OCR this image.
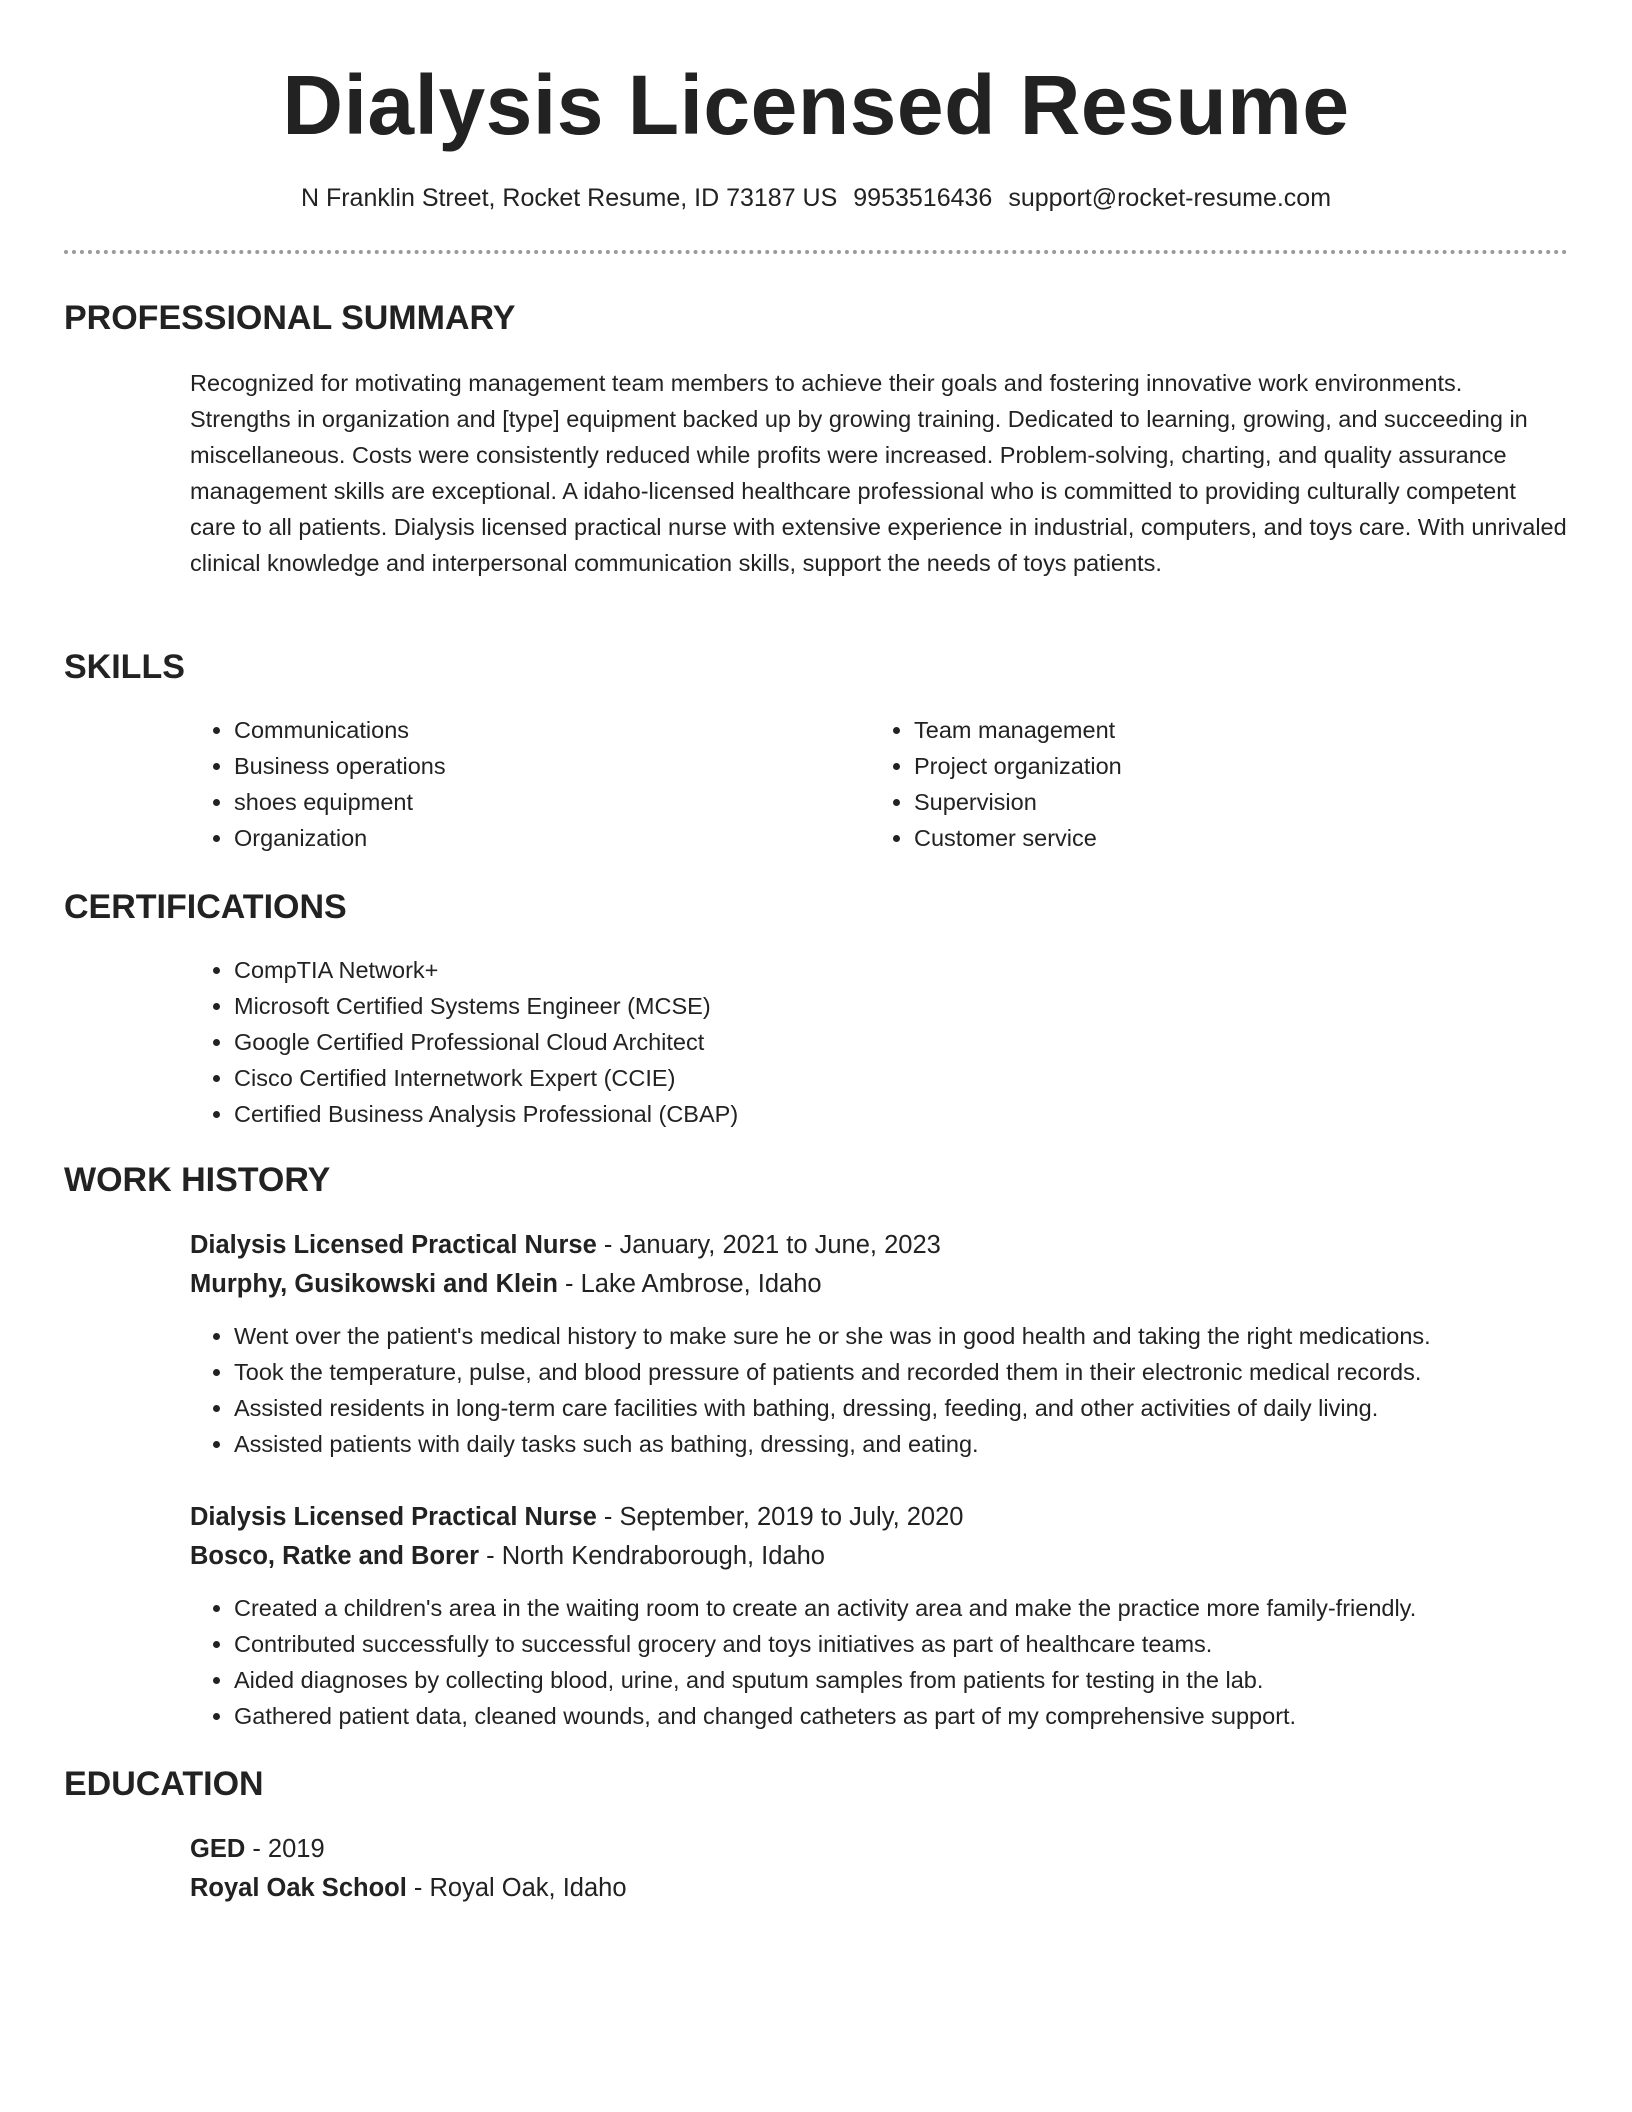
Dialysis Licensed Resume
N Franklin Street, Rocket Resume, ID 73187 US 9953516436 support@rocket-resume.com
PROFESSIONAL SUMMARY

Recognized for motivating management team members to achieve their goals and fostering innovative work environments. Strengths in organization and [type] equipment backed up by growing training. Dedicated to learning, growing, and succeeding in miscellaneous. Costs were consistently reduced while profits were increased. Problem-solving, charting, and quality assurance management skills are exceptional. A idaho-licensed healthcare professional who is committed to providing culturally competent care to all patients. Dialysis licensed practical nurse with extensive experience in industrial, computers, and toys care. With unrivaled clinical knowledge and interpersonal communication skills, support the needs of toys patients.

SKILLS
• Communications
• Business operations
• shoes equipment
• Organization
• Team management
• Project organization
• Supervision
• Customer service
CERTIFICATIONS
• CompTIA Network+
• Microsoft Certified Systems Engineer (MCSE)
• Google Certified Professional Cloud Architect
• Cisco Certified Internetwork Expert (CCIE)
• Certified Business Analysis Professional (CBAP)
WORK HISTORY

Dialysis Licensed Practical Nurse - January, 2021 to June, 2023

Murphy, Gusikowski and Klein - Lake Ambrose, Idaho

• Went over the patient's medical history to make sure he or she was in good health and taking the right medications.
• Took the temperature, pulse, and blood pressure of patients and recorded them in their electronic medical records.
• Assisted residents in long-term care facilities with bathing, dressing, feeding, and other activities of daily living.
• Assisted patients with daily tasks such as bathing, dressing, and eating.

Dialysis Licensed Practical Nurse - September, 2019 to July, 2020

Bosco, Ratke and Borer - North Kendraborough, Idaho

• Created a children's area in the waiting room to create an activity area and make the practice more family-friendly.
• Contributed successfully to successful grocery and toys initiatives as part of healthcare teams.
• Aided diagnoses by collecting blood, urine, and sputum samples from patients for testing in the lab.
• Gathered patient data, cleaned wounds, and changed catheters as part of my comprehensive support.
EDUCATION

GED - 2019

Royal Oak School - Royal Oak, Idaho
